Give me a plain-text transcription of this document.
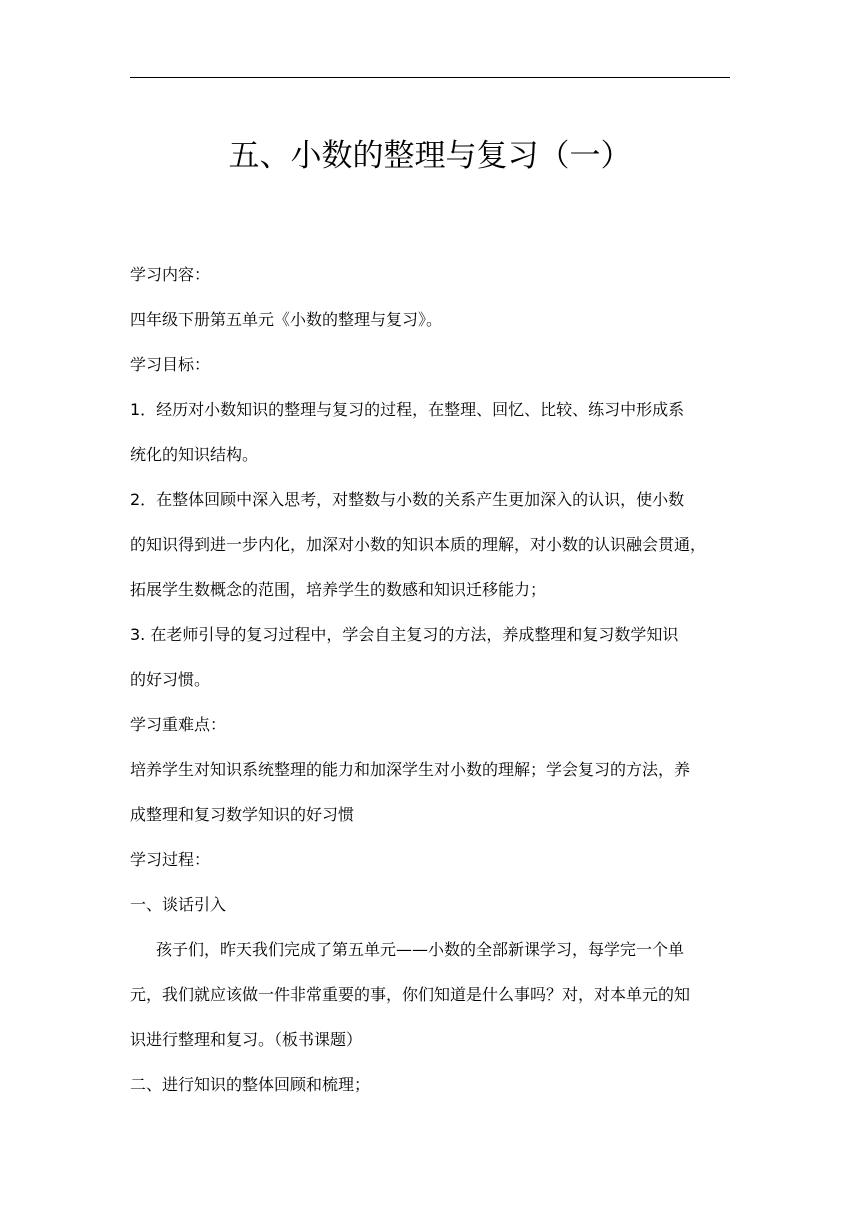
五、小数的整理与复习（一）
学习内容：
四年级下册第五单元《小数的整理与复习》。
学习目标：
1．经历对小数知识的整理与复习的过程，在整理、回忆、比较、练习中形成系
统化的知识结构。
2．在整体回顾中深入思考，对整数与小数的关系产生更加深入的认识，使小数
的知识得到进一步内化，加深对小数的知识本质的理解，对小数的认识融会贯通，
拓展学生数概念的范围，培养学生的数感和知识迁移能力；
3. 在老师引导的复习过程中，学会自主复习的方法，养成整理和复习数学知识
的好习惯。
学习重难点：
培养学生对知识系统整理的能力和加深学生对小数的理解；学会复习的方法，养
成整理和复习数学知识的好习惯
学习过程：
一、谈话引入
孩子们，昨天我们完成了第五单元——小数的全部新课学习，每学完一个单
元，我们就应该做一件非常重要的事，你们知道是什么事吗？对，对本单元的知
识进行整理和复习。（板书课题）
二、进行知识的整体回顾和梳理；
